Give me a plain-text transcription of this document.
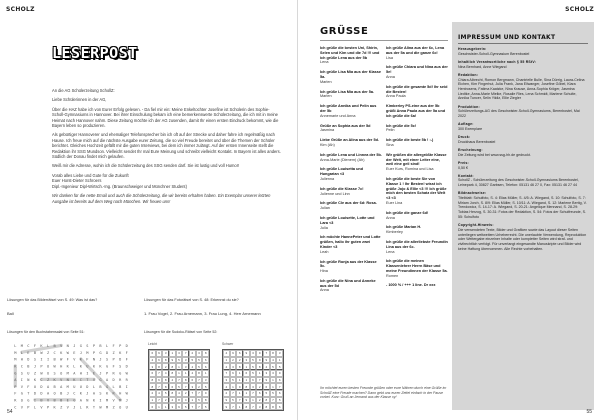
SCHOLZ
LESERPOST

An die AG Schülerzeitung SchollZ:

Liebe Schülerinnen in der AG,

Über die HAZ habe ich von Eurer Erfolg gelesen. - Da fiel mir ein: Meine Enkeltochter Josefine ist Schülerin des Sophie-Scholl-Gymnasiums in Hannover. Bei ihrer Einschulung bekam ich eine bemerkenswerte Schülerzeitung, die ich mit in meine Heimat nach Hannover nahm. Diese Zeitung möchte ich der AG zusenden, damit Ihr einen ersten Eindruck bekommt, wie die Bayern leben so produzieren.

Als gebürtiger Hannoverer und ehemaliger Telefonsprecher bin ich oft auf der Strecke und daher fahre ich regelmäßig nach Hause. Ich freue mich auf die nächste Ausgabe eurer Zeitung, die so viel Freude bereitet und über die Themen der Schüler berichtet. Gleiches Hochzeit gefällt mir die guten Interviews, bei dem ich immer zulängt. Auf der ersten Innenseite stellt die Redaktion ihr SSG Mundson. Vielleicht sendet Ihr mal Eure Meinung und schreibt vielleicht Kontakt. In Bayern ist alles anders. Südlich der Donau findet mich gelaufen.

Weiß mir die Adresse, wohin ich die Schülerzeitung des SSG senden darf. Sie ist lustig und voll Humor!

Vorab alles Liebe und Gute für die Zukunft
Euer Horst-Dieter Schroers
Dipl.-Ingenieur Dipl-Wirtsch.-Ing. (Braunschweiger und Münchner Student)

Wir danken für die nette Email und auch die Schülerzeitung, die wir bereits erhalten haben. Ein Exemplar unserer letzten Ausgabe ist bereits auf dem Weg nach München. Wir freuen uns!

Lösungen für das Bilderrätsel von S. 49: Was ist das?
Ball
Lösungen für das Fotorätsel von S. 48: Erkennst du sie?
1. Frau Vogel, 2. Frau Arnemann, 3. Frau Lung, 4. Herr Arnemann
Lösungen für den Buchstabensalat von Seite 51:	Lösungen für die Sudoku-Rätsel von Seite 52:
L M C F K L B V N J G S P B L F P D
M L E B W Z C K W E J M P G D Z K F
M H D S I I B W F V K F N J S P D F
K C B J P O W H K L K U K K G F S D
G S U Z W U S O M A H I E J P R G W
A I N K C Z K V N K C T V G A D R R
P V F U D A B A M U U D L B G L B I
F G T D D A O B J C K J A S K R H W
R O G I B V B B E G A N K I M V M J
C V P L V P K Z V J L R T W M Z O U
Leicht	Schwer
6	9	3	1	3	7	2	3	8
4	6	8	9	5	3	5	5	6
3	8	2	8	1	3	4	5	6
6	7	4	8	1	1	4	8	1
8	6	8	4	7	8	6	7	3
8	7	8	6	5	7	3	2	5
2	4	5	8	4	2	7	7	9
1	7	2	4	8	4	1	5	8
6	1	1	3	9	5	7	7	5
4	9	6	9	3	9	7	8	3
1	2	2	3	5	9	9	4	1
4	3	8	1	5	8	4	5	5
7	6	1	6	5	1	3	3	9
3	5	1	1	6	7	9	1	6
4	1	9	8	3	2	6	1	7
2	7	1	1	7	6	5	5	6
9	5	7	9	1	2	8	7	5
9	7	1	8	7	3	8	8	6
54
SCHOLZ
GRÜSSE
Ich grüße die besten Uni, Shirin, Selen und Kim und die 7d !!! und ich grüße Lena aus der 5b
Lena
Ich grüße Lisa Mia aus der Klasse 5a.
Marlen
Ich grüße Lisa Mia aus der 5a.
Marlen
Ich grüße Annika und Pelin aus der 5b
Annemarie und Anna
Grüße an Sophia aus der 5d
Jasmina
Liebe Grüße an Alina aus der 5d.
Kim (Ah)
Ich grüße Lena und Linnea der 5b.
Anna-Marie (Dienem) (Ah)
Ich grüße Louisetta und Hungarian <3
Julienna
Ich grüße die Klasse 7c!
Julienne und Linn
Ich grüße Cle aus der 6d: Rosa.
Julian
Ich grüße Louisette, Lotte und Lara <3
Julia
Ich möchte HannePeter und Lotte grüßen, hallo ihr guten zwei Kinder <3
Leah
Ich grüße Ronja aus der Klasse 5c.
Hina
Ich grüße die Nina und Anneke aus der 5d
Anna
Ich grüße Alina aus der 6c, Lena aus der 5a und die ganze 6c!
Lisa
Ich grüße Chiara und Nina aus der 5e!
Anna
Ich grüße die gesamte 5d! Ihr seid die Besten!
Anna Paula
Kimberley PS-eine aus der 5b grüßt Anna Paula aus der 5a und ich grüße die 6a!
Ich grüße die 5c!
Pelin
Ich grüße die beste 5b ! :-)
Sina
Wir grüßen die allergrößte Klasse der Welt, mit einer Leiter eine, weil eine geil sind!
Euer Kurs, Romina und Lisa
Ich grüße die beste Sie von Klasse 1 ! Ihr Besten! wisst ich grüße Jojo & Ellie <3 !!! Ich grüße mich den besten Schatz der Welt <3 <3
Euer Lina
Ich grüße die ganze 6d!
Anna
Ich grüße Marian H.
Kimberley
Ich grüße die allerliebste Freundin Lina aus der 6c.
Lena
Ich grüße die meinen Klassenlehrer Herrn Bäse und meine Freundinnen der Klasse 5a.
Romen
- 1000 % / +++ 1 line. Dr xxx
Ihr möchtet euren besten Freunde grüßen oder eure Nähren durch eine Grüße im SchollZ eine Freude machen? Dann gebt uns euren Zettel einfach in der Pause vorbei. Kurz: Gruß an Jemand aus der Klasse xy!
IMPRESSUM UND KONTAKT
Herausgeberin:
Geschwister-Scholl-Gymnasium Berenbostel
Inhaltlich Verantwortliche nach § 55 RStV:
Nina Bernhard, Anne Wiegand
Redaktion:
Chiara Albrecht, Romon Bergmann, Chantrielle Bulle, Sina Dürrig, Laura-Celina Eichen, Kim Fingerhut, Julia Frank, Jana Ellwanger, Josefine Göbel, Klara Hentrosens, Fatima Kaatzke, Nina Krause, Anna-Sophia Kröger, Jasmina Liedtke, Anna-Marie Mielke, Rosalie Ries, Lena Schmidt, Marlene Schulte, Annika Tuncer, Selin Yildiz, Ellie Ziegler
Produktion:
Schülerzeitungs-AG des Geschwister-Scholl-Gymnasiums, Berenbostel, Mai 2022
Auflage:
300 Exemplare
Druck:
Druckhaus Berenbostel
Erscheinung:
Die Zeitung wird bei www.ssg-hh.de gedruckt.
Preis:
0,50 €
Kontakt:
SchollZ - Schülerzeitung des Geschwister-Scholl-Gymnasiums Berenbostel, Leinepark 4, 30827 Garbsen, Telefon: 05131 46 27 0, Fax: 05131 46 27 44
Bildnachweise:
Titelblatt: Schulfoto, S. 4: Elias Müller, S. 4/5: A. Wiegand, S. 10: Schulfoto, S. 7: Miriam Jorch, S. 8/9: Elias Müller, S. 10/11: A. Wiegand, S. 12: Marlene Bertig, V. Trendowicz, S. 14-17: A. Wiegand, S. 20-21: Angelique Mennand, S. 28-29: Tobias Herzog, S. 30-31: Fotos der Redaktion, S. 54: Fotos der Schulfreunde, S. 55: Schulfoto
Copyright-Hinweis:
Die verwendeten Texte, Bilder und Grafiken sowie das Layout dieser Seiten unterliegen weltweitem Urheberrecht. Die unerlaubte Verwendung, Reproduktion oder Weitergabe einzelner Inhalte oder kompletter Seiten wird straf- und zivilrechtlich verfolgt. Für unverlangt eingesandte Manuskripte und Bilder wird keine Haftung übernommen. Alle Rechte vorbehalten.
55
